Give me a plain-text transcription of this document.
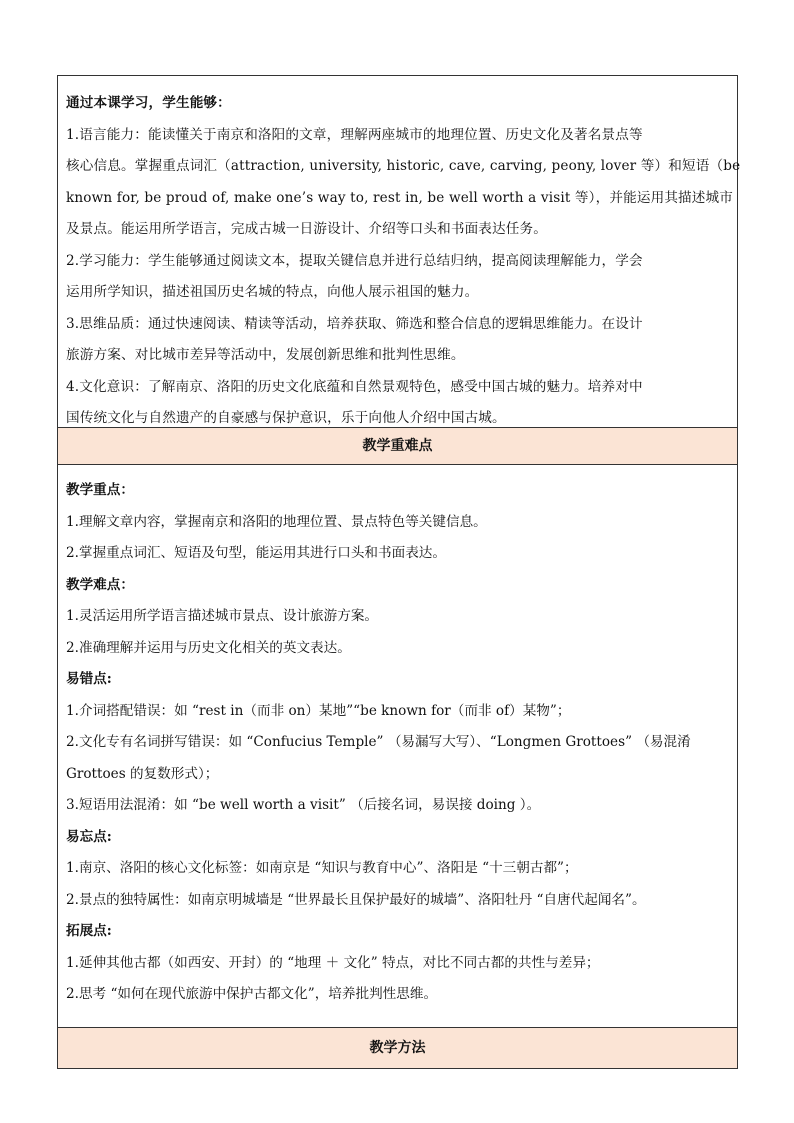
通过本课学习，学生能够：
1.语言能力：能读懂关于南京和洛阳的文章，理解两座城市的地理位置、历史文化及著名景点等
核心信息。掌握重点词汇（attraction, university, historic, cave, carving, peony, lover 等）和短语（be
known for, be proud of, make one’s way to, rest in, be well worth a visit 等），并能运用其描述城市
及景点。能运用所学语言，完成古城一日游设计、介绍等口头和书面表达任务。
2.学习能力：学生能够通过阅读文本，提取关键信息并进行总结归纳，提高阅读理解能力，学会
运用所学知识，描述祖国历史名城的特点，向他人展示祖国的魅力。
3.思维品质：通过快速阅读、精读等活动，培养获取、筛选和整合信息的逻辑思维能力。在设计
旅游方案、对比城市差异等活动中，发展创新思维和批判性思维。
4.文化意识：了解南京、洛阳的历史文化底蕴和自然景观特色，感受中国古城的魅力。培养对中
国传统文化与自然遗产的自豪感与保护意识，乐于向他人介绍中国古城。
教学重难点
教学重点：
1.理解文章内容，掌握南京和洛阳的地理位置、景点特色等关键信息。
2.掌握重点词汇、短语及句型，能运用其进行口头和书面表达。
教学难点：
1.灵活运用所学语言描述城市景点、设计旅游方案。
2.准确理解并运用与历史文化相关的英文表达。
易错点:
1.介词搭配错误：如 “rest in（而非 on）某地”“be known for（而非 of）某物”；
2.文化专有名词拼写错误：如 “Confucius Temple” （易漏写大写）、“Longmen Grottoes” （易混淆
Grottoes 的复数形式）；
3.短语用法混淆：如 “be well worth a visit” （后接名词，易误接 doing ）。
易忘点:
1.南京、洛阳的核心文化标签：如南京是 “知识与教育中心”、洛阳是 “十三朝古都”；
2.景点的独特属性：如南京明城墙是 “世界最长且保护最好的城墙”、洛阳牡丹 “自唐代起闻名”。
拓展点:
1.延伸其他古都（如西安、开封）的 “地理 ＋ 文化” 特点，对比不同古都的共性与差异；
2.思考 “如何在现代旅游中保护古都文化”，培养批判性思维。
教学方法
